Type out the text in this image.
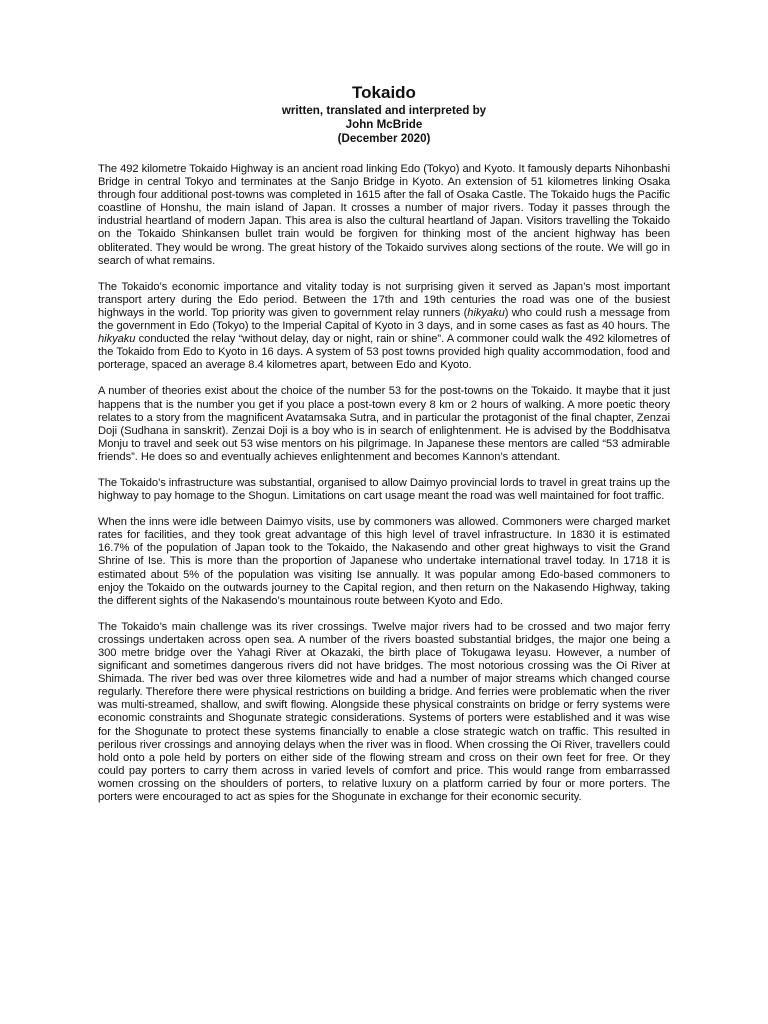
Tokaido
written, translated and interpreted by
John McBride
(December 2020)

The 492 kilometre Tokaido Highway is an ancient road linking Edo (Tokyo) and Kyoto. It famously departs Nihonbashi Bridge in central Tokyo and terminates at the Sanjo Bridge in Kyoto. An extension of 51 kilometres linking Osaka through four additional post-towns was completed in 1615 after the fall of Osaka Castle. The Tokaido hugs the Pacific coastline of Honshu, the main island of Japan. It crosses a number of major rivers. Today it passes through the industrial heartland of modern Japan. This area is also the cultural heartland of Japan. Visitors travelling the Tokaido on the Tokaido Shinkansen bullet train would be forgiven for thinking most of the ancient highway has been obliterated. They would be wrong. The great history of the Tokaido survives along sections of the route. We will go in search of what remains.

The Tokaido’s economic importance and vitality today is not surprising given it served as Japan’s most important transport artery during the Edo period. Between the 17th and 19th centuries the road was one of the busiest highways in the world. Top priority was given to government relay runners (hikyaku) who could rush a message from the government in Edo (Tokyo) to the Imperial Capital of Kyoto in 3 days, and in some cases as fast as 40 hours. The hikyaku conducted the relay “without delay, day or night, rain or shine”. A commoner could walk the 492 kilometres of the Tokaido from Edo to Kyoto in 16 days. A system of 53 post towns provided high quality accommodation, food and porterage, spaced an average 8.4 kilometres apart, between Edo and Kyoto.

A number of theories exist about the choice of the number 53 for the post-towns on the Tokaido. It maybe that it just happens that is the number you get if you place a post-town every 8 km or 2 hours of walking. A more poetic theory relates to a story from the magnificent Avatamsaka Sutra, and in particular the protagonist of the final chapter, Zenzai Doji (Sudhana in sanskrit). Zenzai Doji is a boy who is in search of enlightenment. He is advised by the Boddhisatva Monju to travel and seek out 53 wise mentors on his pilgrimage. In Japanese these mentors are called “53 admirable friends”. He does so and eventually achieves enlightenment and becomes Kannon’s attendant.

The Tokaido’s infrastructure was substantial, organised to allow Daimyo provincial lords to travel in great trains up the highway to pay homage to the Shogun. Limitations on cart usage meant the road was well maintained for foot traffic.

When the inns were idle between Daimyo visits, use by commoners was allowed. Commoners were charged market rates for facilities, and they took great advantage of this high level of travel infrastructure. In 1830 it is estimated 16.7% of the population of Japan took to the Tokaido, the Nakasendo and other great highways to visit the Grand Shrine of Ise. This is more than the proportion of Japanese who undertake international travel today. In 1718 it is estimated about 5% of the population was visiting Ise annually. It was popular among Edo-based commoners to enjoy the Tokaido on the outwards journey to the Capital region, and then return on the Nakasendo Highway, taking the different sights of the Nakasendo’s mountainous route between Kyoto and Edo.

The Tokaido’s main challenge was its river crossings. Twelve major rivers had to be crossed and two major ferry crossings undertaken across open sea. A number of the rivers boasted substantial bridges, the major one being a 300 metre bridge over the Yahagi River at Okazaki, the birth place of Tokugawa Ieyasu. However, a number of significant and sometimes dangerous rivers did not have bridges. The most notorious crossing was the Oi River at Shimada. The river bed was over three kilometres wide and had a number of major streams which changed course regularly. Therefore there were physical restrictions on building a bridge. And ferries were problematic when the river was multi-streamed, shallow, and swift flowing. Alongside these physical constraints on bridge or ferry systems were economic constraints and Shogunate strategic considerations. Systems of porters were established and it was wise for the Shogunate to protect these systems financially to enable a close strategic watch on traffic. This resulted in perilous river crossings and annoying delays when the river was in flood. When crossing the Oi River, travellers could hold onto a pole held by porters on either side of the flowing stream and cross on their own feet for free. Or they could pay porters to carry them across in varied levels of comfort and price. This would range from embarrassed women crossing on the shoulders of porters, to relative luxury on a platform carried by four or more porters. The porters were encouraged to act as spies for the Shogunate in exchange for their economic security.
